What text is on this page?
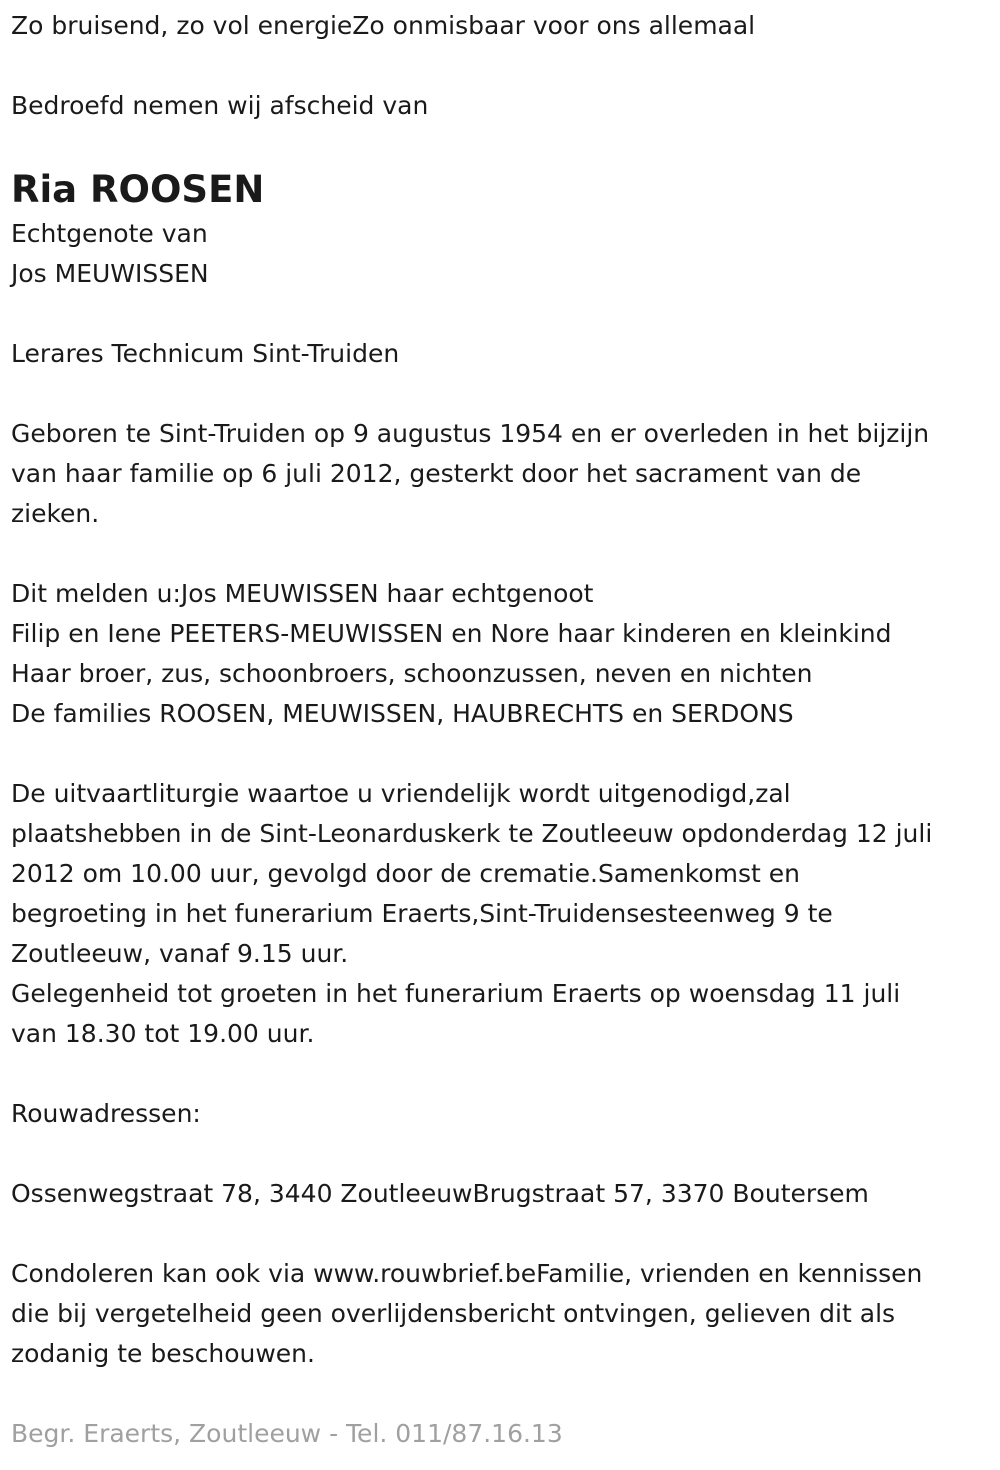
Zo bruisend, zo vol energieZo onmisbaar voor ons allemaal

Bedroefd nemen wij afscheid van

Ria ROOSEN

Echtgenote van

Jos MEUWISSEN

Lerares Technicum Sint-Truiden

Geboren te Sint-Truiden op 9 augustus 1954 en er overleden in het bijzijn

van haar familie op 6 juli 2012, gesterkt door het sacrament van de

zieken.

Dit melden u:Jos MEUWISSEN haar echtgenoot

Filip en Iene PEETERS-MEUWISSEN en Nore haar kinderen en kleinkind

Haar broer, zus, schoonbroers, schoonzussen, neven en nichten

De families ROOSEN, MEUWISSEN, HAUBRECHTS en SERDONS

De uitvaartliturgie waartoe u vriendelijk wordt uitgenodigd,zal

plaatshebben in de Sint-Leonarduskerk te Zoutleeuw opdonderdag 12 juli

2012 om 10.00 uur, gevolgd door de crematie.Samenkomst en

begroeting in het funerarium Eraerts,Sint-Truidensesteenweg 9 te

Zoutleeuw, vanaf 9.15 uur.

Gelegenheid tot groeten in het funerarium Eraerts op woensdag 11 juli

van 18.30 tot 19.00 uur.

Rouwadressen:

Ossenwegstraat 78, 3440 ZoutleeuwBrugstraat 57, 3370 Boutersem

Condoleren kan ook via www.rouwbrief.beFamilie, vrienden en kennissen

die bij vergetelheid geen overlijdensbericht ontvingen, gelieven dit als

zodanig te beschouwen.

Begr. Eraerts, Zoutleeuw - Tel. 011/87.16.13
